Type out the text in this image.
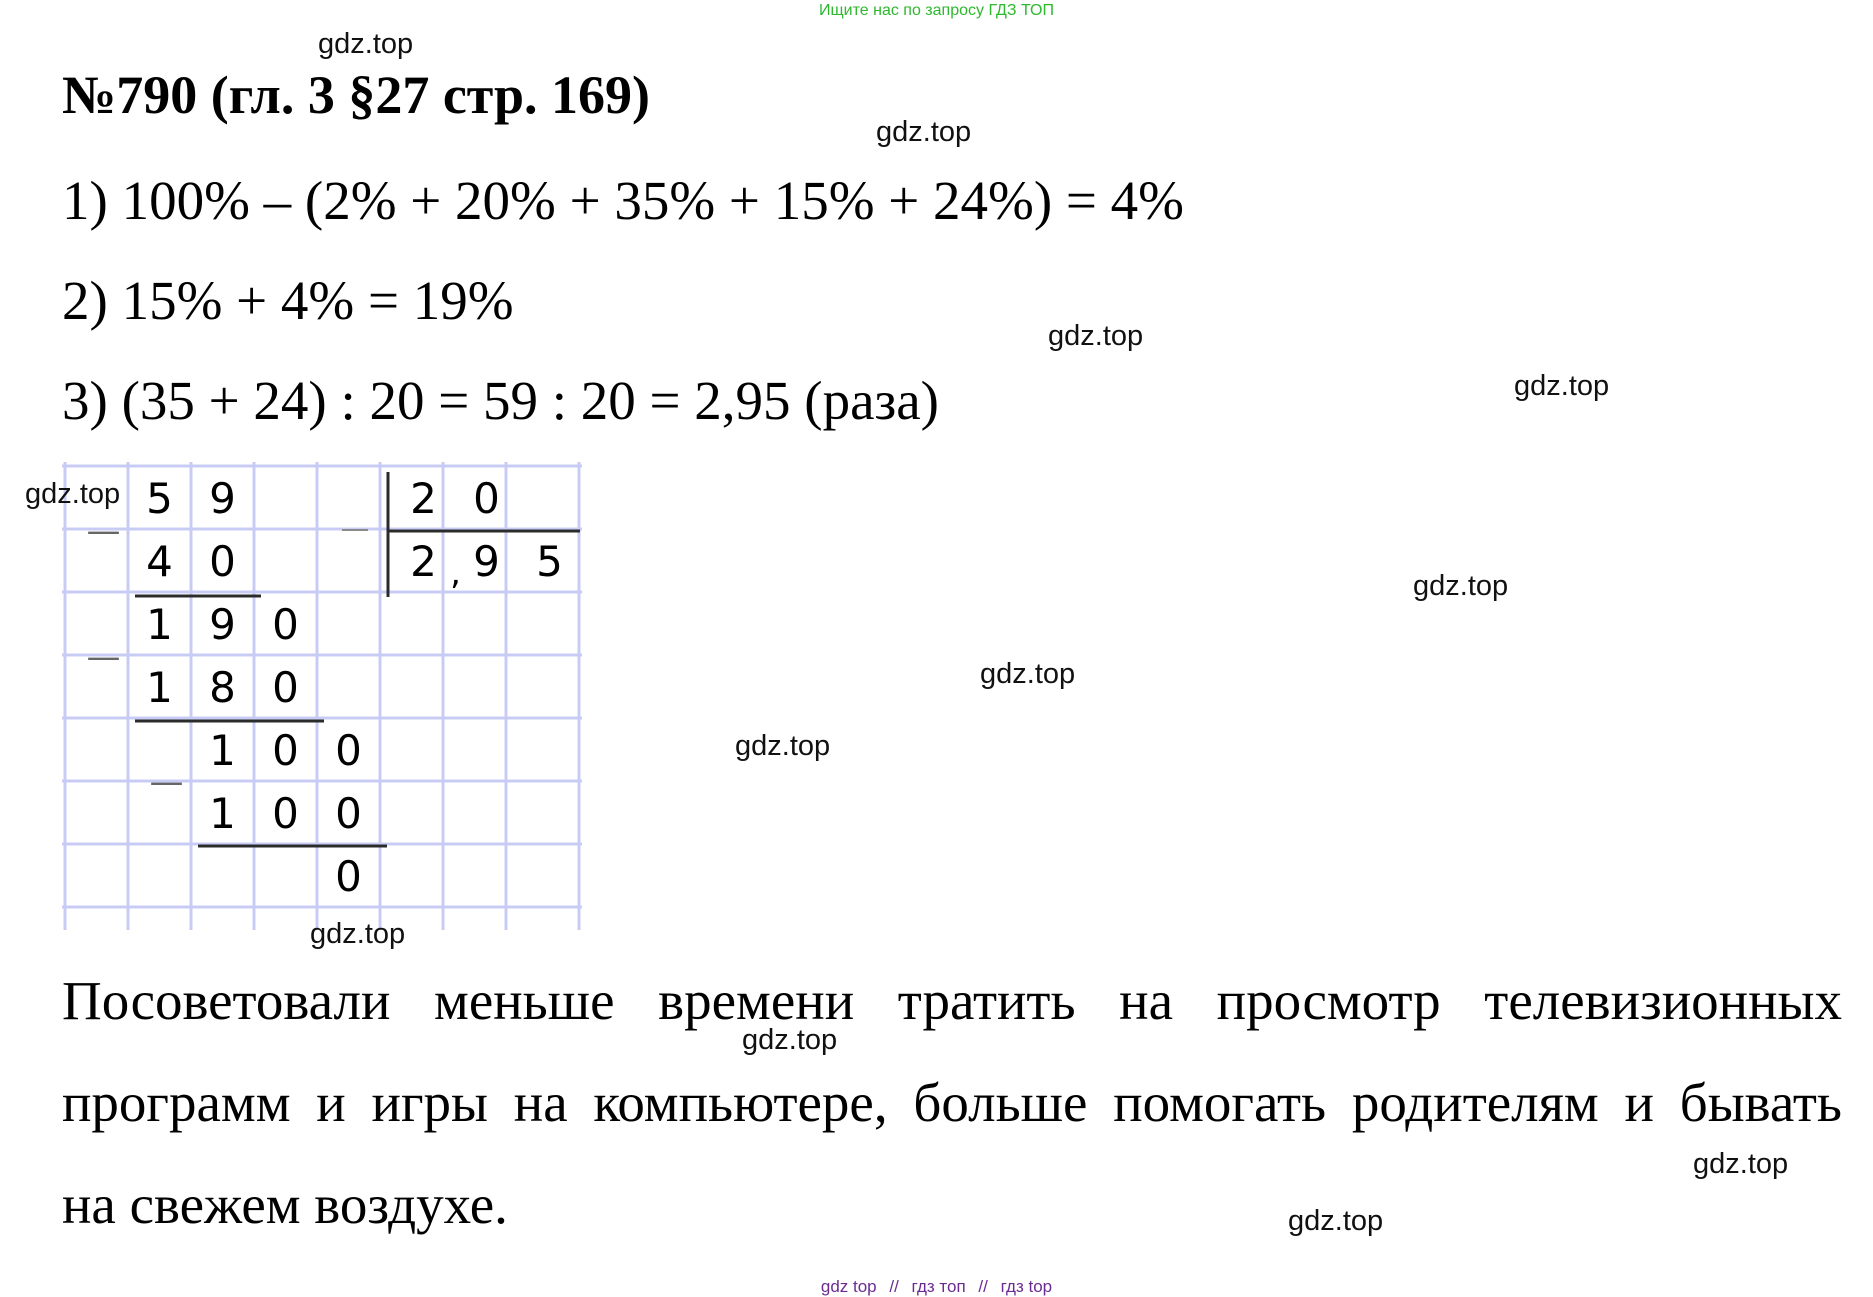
Ищите нас по запросу ГДЗ ТОП
№790 (гл. 3 §27 стр. 169)
1) 100% – (2% + 20% + 35% + 15% + 24%) = 4%
2) 15% + 4% = 19%
3) (35 + 24) : 20 = 59 : 20 = 2,95 (раза)
—
—
—
5 9	2 0
4 0	2 , 9 5
1 9 0
1 8 0
1 0 0
1 0 0
0
Посоветовали меньше времени тратить на просмотр телевизионных
программ и игры на компьютере, больше помогать родителям и бывать
на свежем воздухе.
gdz.top
gdz.top
gdz.top
gdz.top
gdz.top
gdz.top
gdz.top
gdz.top
gdz.top
gdz.top
gdz.top
gdz.top
gdz top // гдз топ // гдз top
